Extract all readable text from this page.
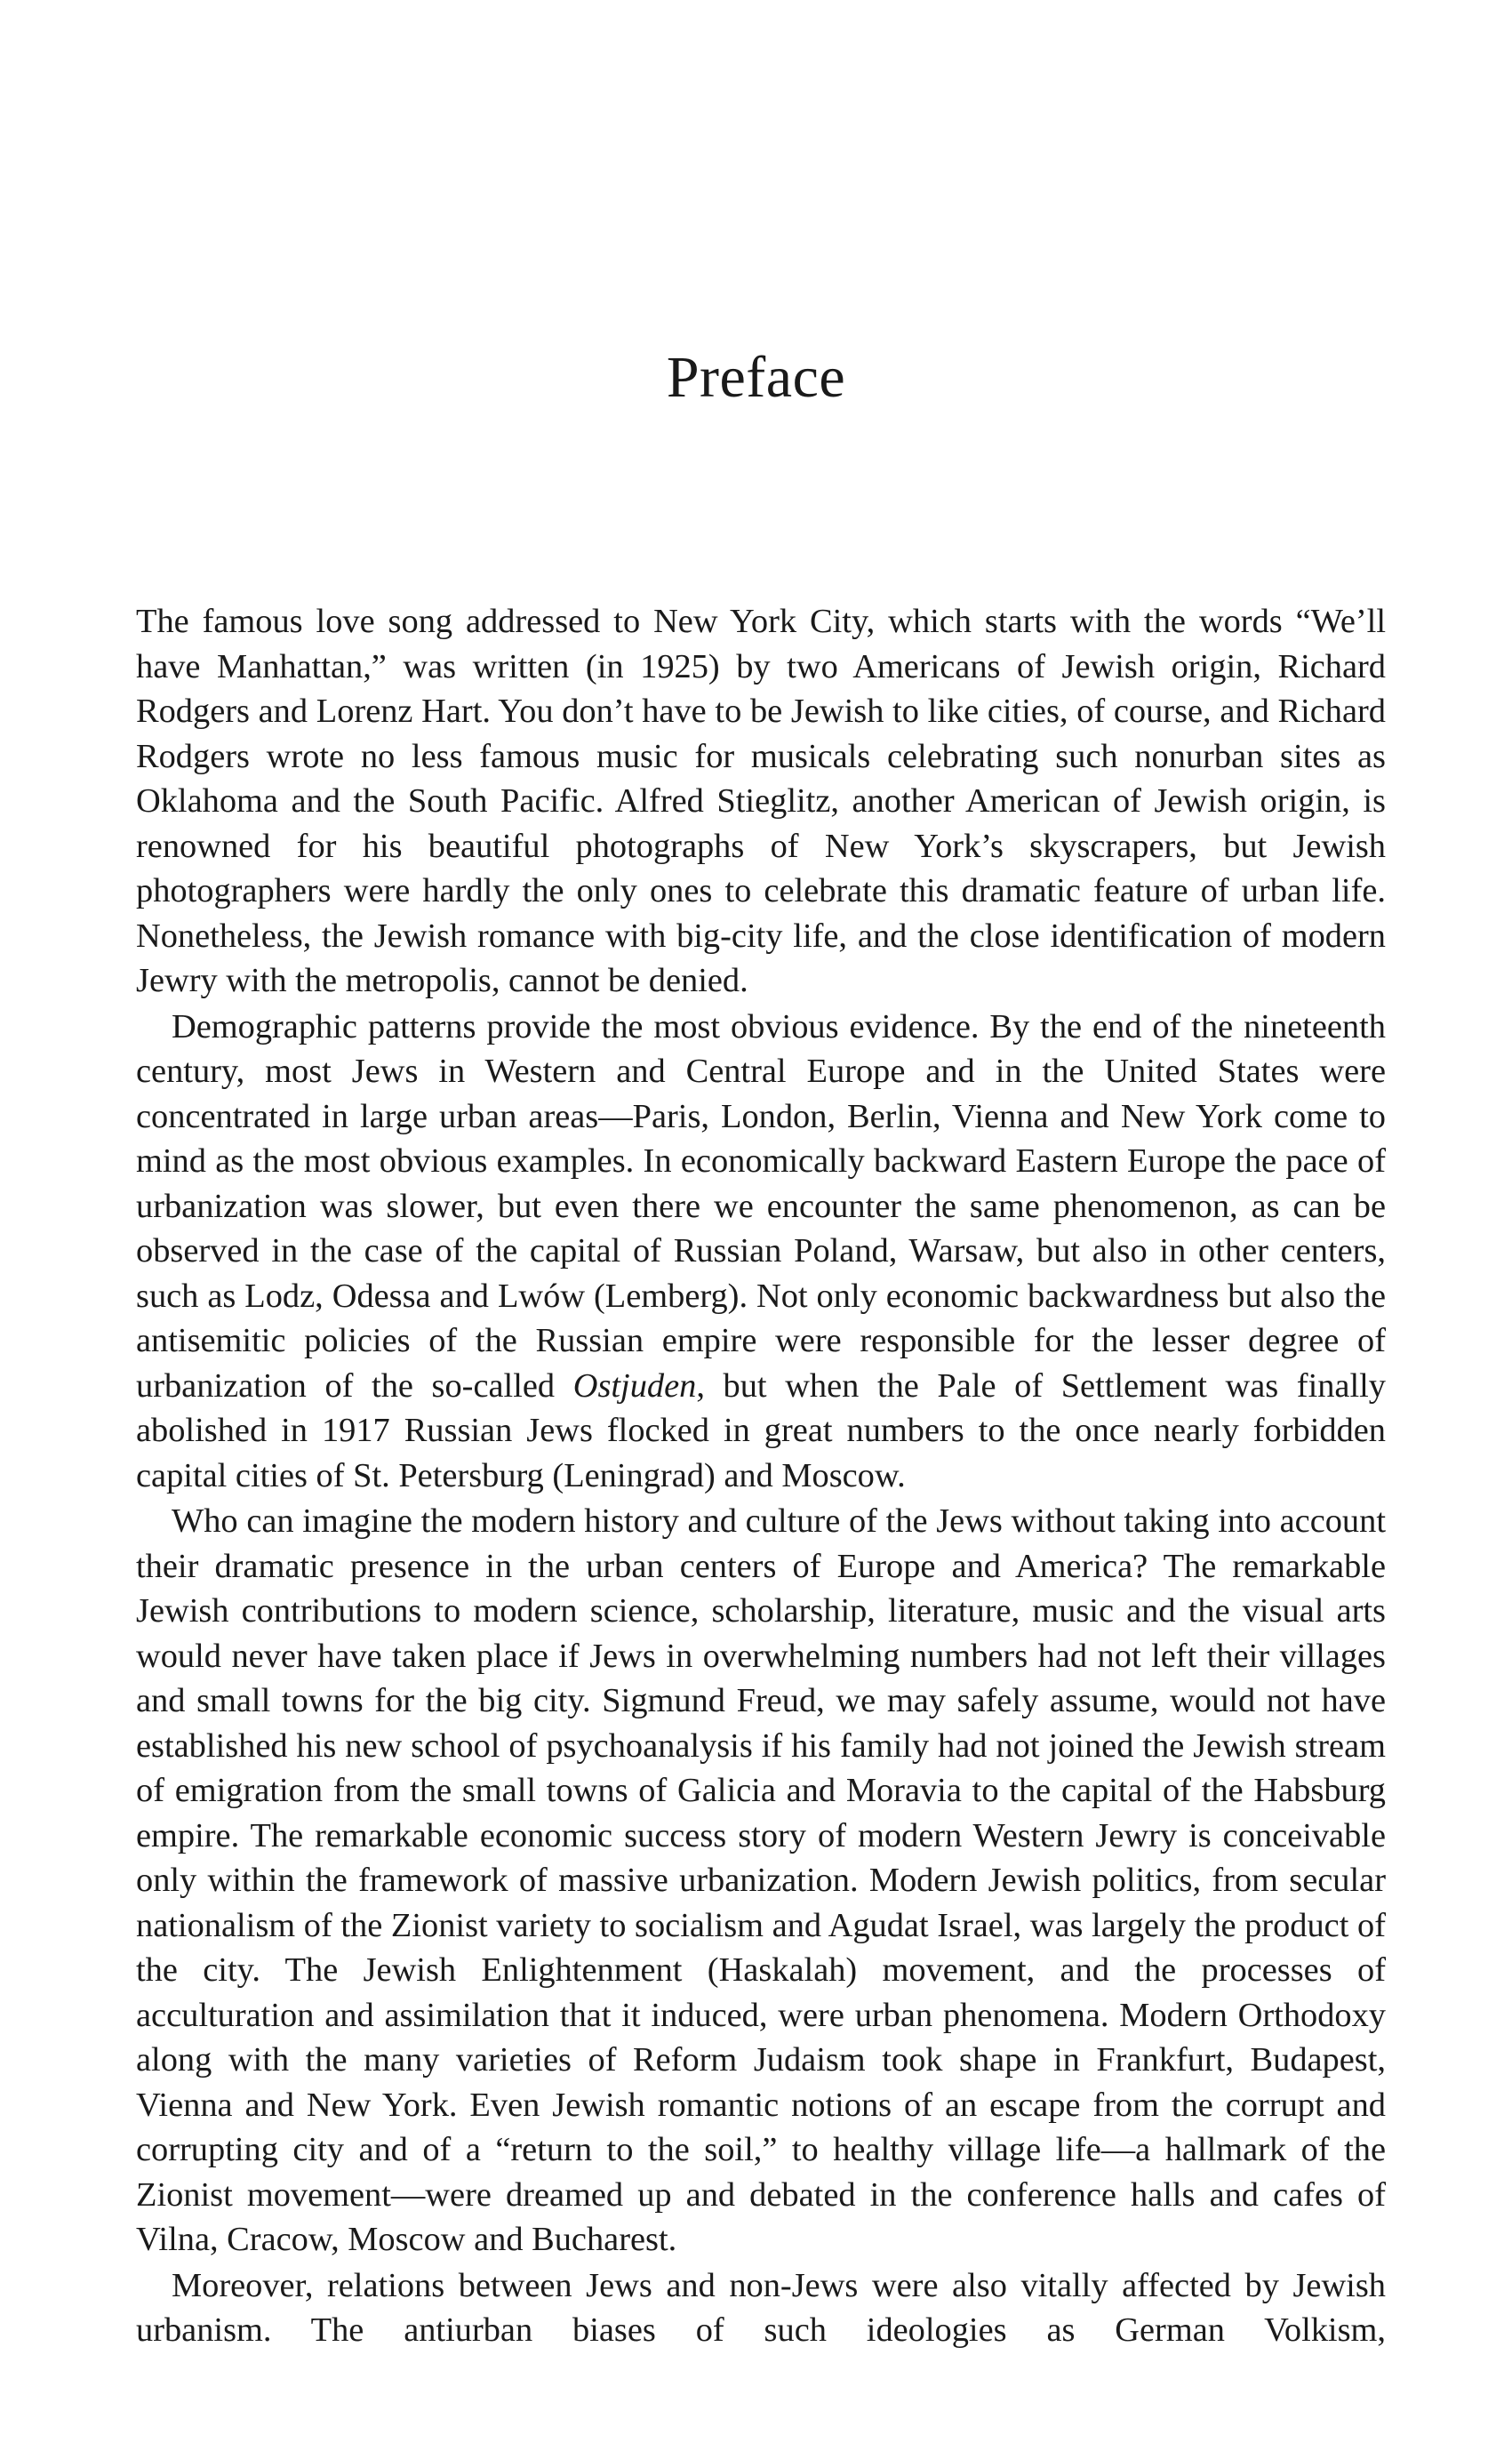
Preface

The famous love song addressed to New York City, which starts with the words “We’ll have Manhattan,” was written (in 1925) by two Americans of Jewish origin, Richard Rodgers and Lorenz Hart. You don’t have to be Jewish to like cities, of course, and Richard Rodgers wrote no less famous music for musicals celebrating such nonurban sites as Oklahoma and the South Pacific. Alfred Stieglitz, another American of Jewish origin, is renowned for his beautiful photographs of New York’s skyscrapers, but Jewish photographers were hardly the only ones to celebrate this dramatic feature of urban life. Nonetheless, the Jewish romance with big-city life, and the close identification of modern Jewry with the metropolis, cannot be denied.

Demographic patterns provide the most obvious evidence. By the end of the nineteenth century, most Jews in Western and Central Europe and in the United States were concentrated in large urban areas—Paris, London, Berlin, Vienna and New York come to mind as the most obvious examples. In economically backward Eastern Europe the pace of urbanization was slower, but even there we encounter the same phenomenon, as can be observed in the case of the capital of Russian Poland, Warsaw, but also in other centers, such as Lodz, Odessa and Lwów (Lemberg). Not only economic backwardness but also the antisemitic policies of the Russian empire were responsible for the lesser degree of urbanization of the so-called Ostjuden, but when the Pale of Settlement was finally abolished in 1917 Russian Jews flocked in great numbers to the once nearly forbidden capital cities of St. Petersburg (Leningrad) and Moscow.

Who can imagine the modern history and culture of the Jews without taking into account their dramatic presence in the urban centers of Europe and America? The remarkable Jewish contributions to modern science, scholarship, literature, music and the visual arts would never have taken place if Jews in overwhelming numbers had not left their villages and small towns for the big city. Sigmund Freud, we may safely assume, would not have established his new school of psychoanalysis if his family had not joined the Jewish stream of emigration from the small towns of Galicia and Moravia to the capital of the Habsburg empire. The remarkable economic success story of modern Western Jewry is conceivable only within the framework of massive urbanization. Modern Jewish politics, from secular nationalism of the Zionist variety to socialism and Agudat Israel, was largely the product of the city. The Jewish Enlightenment (Haskalah) movement, and the processes of acculturation and assimilation that it induced, were urban phenomena. Modern Orthodoxy along with the many varieties of Reform Judaism took shape in Frankfurt, Budapest, Vienna and New York. Even Jewish romantic notions of an escape from the corrupt and corrupting city and of a “return to the soil,” to healthy village life—a hallmark of the Zionist movement—were dreamed up and debated in the conference halls and cafes of Vilna, Cracow, Moscow and Bucharest.

Moreover, relations between Jews and non-Jews were also vitally affected by Jewish urbanism. The antiurban biases of such ideologies as German Volkism,
